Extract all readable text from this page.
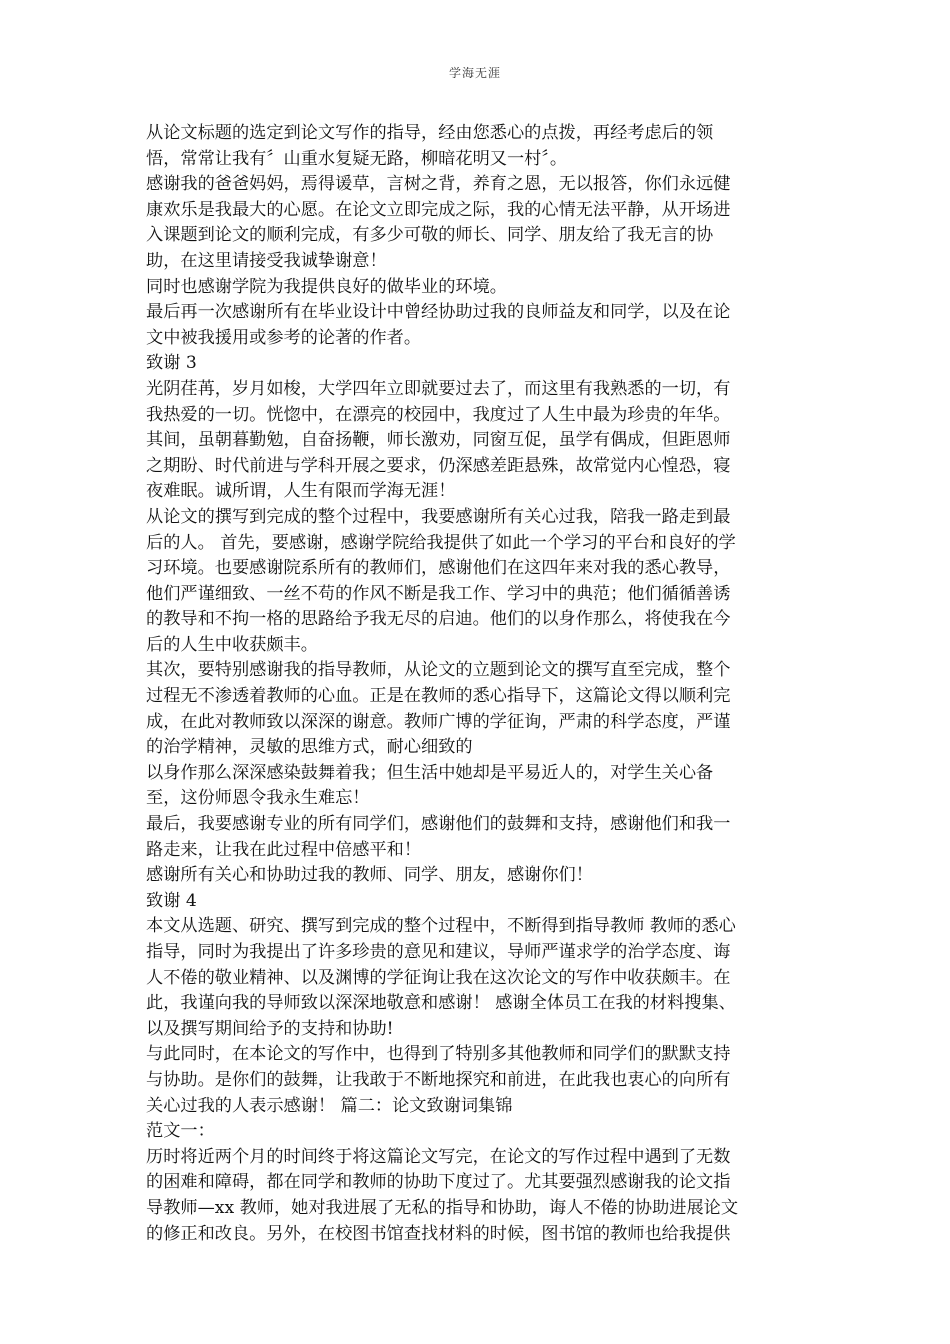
学海无涯
从论文标题的选定到论文写作的指导，经由您悉心的点拨，再经考虑后的领
悟，常常让我有〞山重水复疑无路，柳暗花明又一村〞。
感谢我的爸爸妈妈，焉得谖草，言树之背，养育之恩，无以报答，你们永远健
康欢乐是我最大的心愿。在论文立即完成之际，我的心情无法平静，从开场进
入课题到论文的顺利完成，有多少可敬的师长、同学、朋友给了我无言的协
助，在这里请接受我诚挚谢意！
同时也感谢学院为我提供良好的做毕业的环境。
最后再一次感谢所有在毕业设计中曾经协助过我的良师益友和同学，以及在论
文中被我援用或参考的论著的作者。
致谢 3
光阴荏苒，岁月如梭，大学四年立即就要过去了，而这里有我熟悉的一切，有
我热爱的一切。恍惚中，在漂亮的校园中，我度过了人生中最为珍贵的年华。
其间，虽朝暮勤勉，自奋扬鞭，师长激劝，同窗互促，虽学有偶成，但距恩师
之期盼、时代前进与学科开展之要求，仍深感差距悬殊，故常觉内心惶恐，寝
夜难眠。诚所谓，人生有限而学海无涯！
从论文的撰写到完成的整个过程中，我要感谢所有关心过我，陪我一路走到最
后的人。 首先，要感谢，感谢学院给我提供了如此一个学习的平台和良好的学
习环境。也要感谢院系所有的教师们，感谢他们在这四年来对我的悉心教导，
他们严谨细致、一丝不苟的作风不断是我工作、学习中的典范；他们循循善诱
的教导和不拘一格的思路给予我无尽的启迪。他们的以身作那么，将使我在今
后的人生中收获颇丰。
其次，要特别感谢我的指导教师，从论文的立题到论文的撰写直至完成，整个
过程无不渗透着教师的心血。正是在教师的悉心指导下，这篇论文得以顺利完
成，在此对教师致以深深的谢意。教师广博的学征询，严肃的科学态度，严谨
的治学精神，灵敏的思维方式，耐心细致的
以身作那么深深感染鼓舞着我；但生活中她却是平易近人的，对学生关心备
至，这份师恩令我永生难忘！
最后，我要感谢专业的所有同学们，感谢他们的鼓舞和支持，感谢他们和我一
路走来，让我在此过程中倍感平和！
感谢所有关心和协助过我的教师、同学、朋友，感谢你们！
致谢 4
本文从选题、研究、撰写到完成的整个过程中，不断得到指导教师 教师的悉心
指导，同时为我提出了许多珍贵的意见和建议，导师严谨求学的治学态度、诲
人不倦的敬业精神、以及渊博的学征询让我在这次论文的写作中收获颇丰。在
此，我谨向我的导师致以深深地敬意和感谢！ 感谢全体员工在我的材料搜集、
以及撰写期间给予的支持和协助!
与此同时，在本论文的写作中，也得到了特别多其他教师和同学们的默默支持
与协助。是你们的鼓舞，让我敢于不断地探究和前进，在此我也衷心的向所有
关心过我的人表示感谢！ 篇二：论文致谢词集锦
范文一：
历时将近两个月的时间终于将这篇论文写完，在论文的写作过程中遇到了无数
的困难和障碍，都在同学和教师的协助下度过了。尤其要强烈感谢我的论文指
导教师—xx 教师，她对我进展了无私的指导和协助，诲人不倦的协助进展论文
的修正和改良。另外，在校图书馆查找材料的时候，图书馆的教师也给我提供
